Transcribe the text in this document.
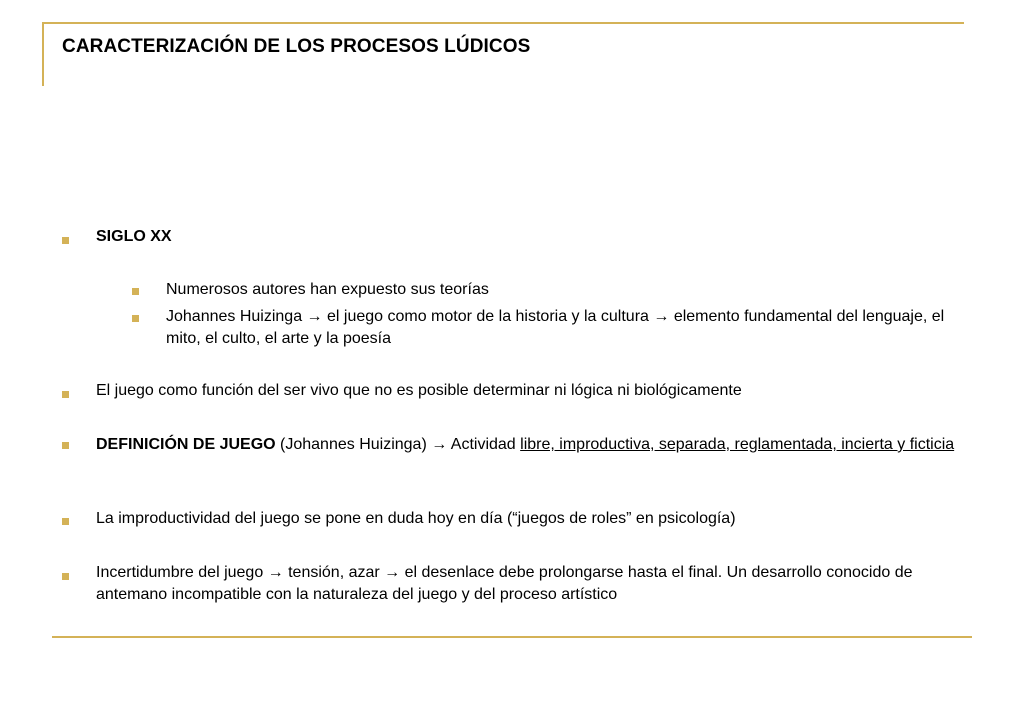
CARACTERIZACIÓN DE LOS PROCESOS LÚDICOS
SIGLO XX
Numerosos autores han expuesto sus teorías
Johannes Huizinga → el juego como motor de la historia y la cultura → elemento fundamental del lenguaje, el mito, el culto, el arte y la poesía
El juego como función del ser vivo que no es posible determinar ni lógica ni biológicamente
DEFINICIÓN DE JUEGO (Johannes Huizinga) → Actividad libre, improductiva, separada, reglamentada, incierta y ficticia
La improductividad del juego se pone en duda hoy en día (“juegos de roles” en psicología)
Incertidumbre del juego → tensión, azar → el desenlace debe prolongarse hasta el final. Un desarrollo conocido de antemano incompatible con la naturaleza del juego y del proceso artístico
